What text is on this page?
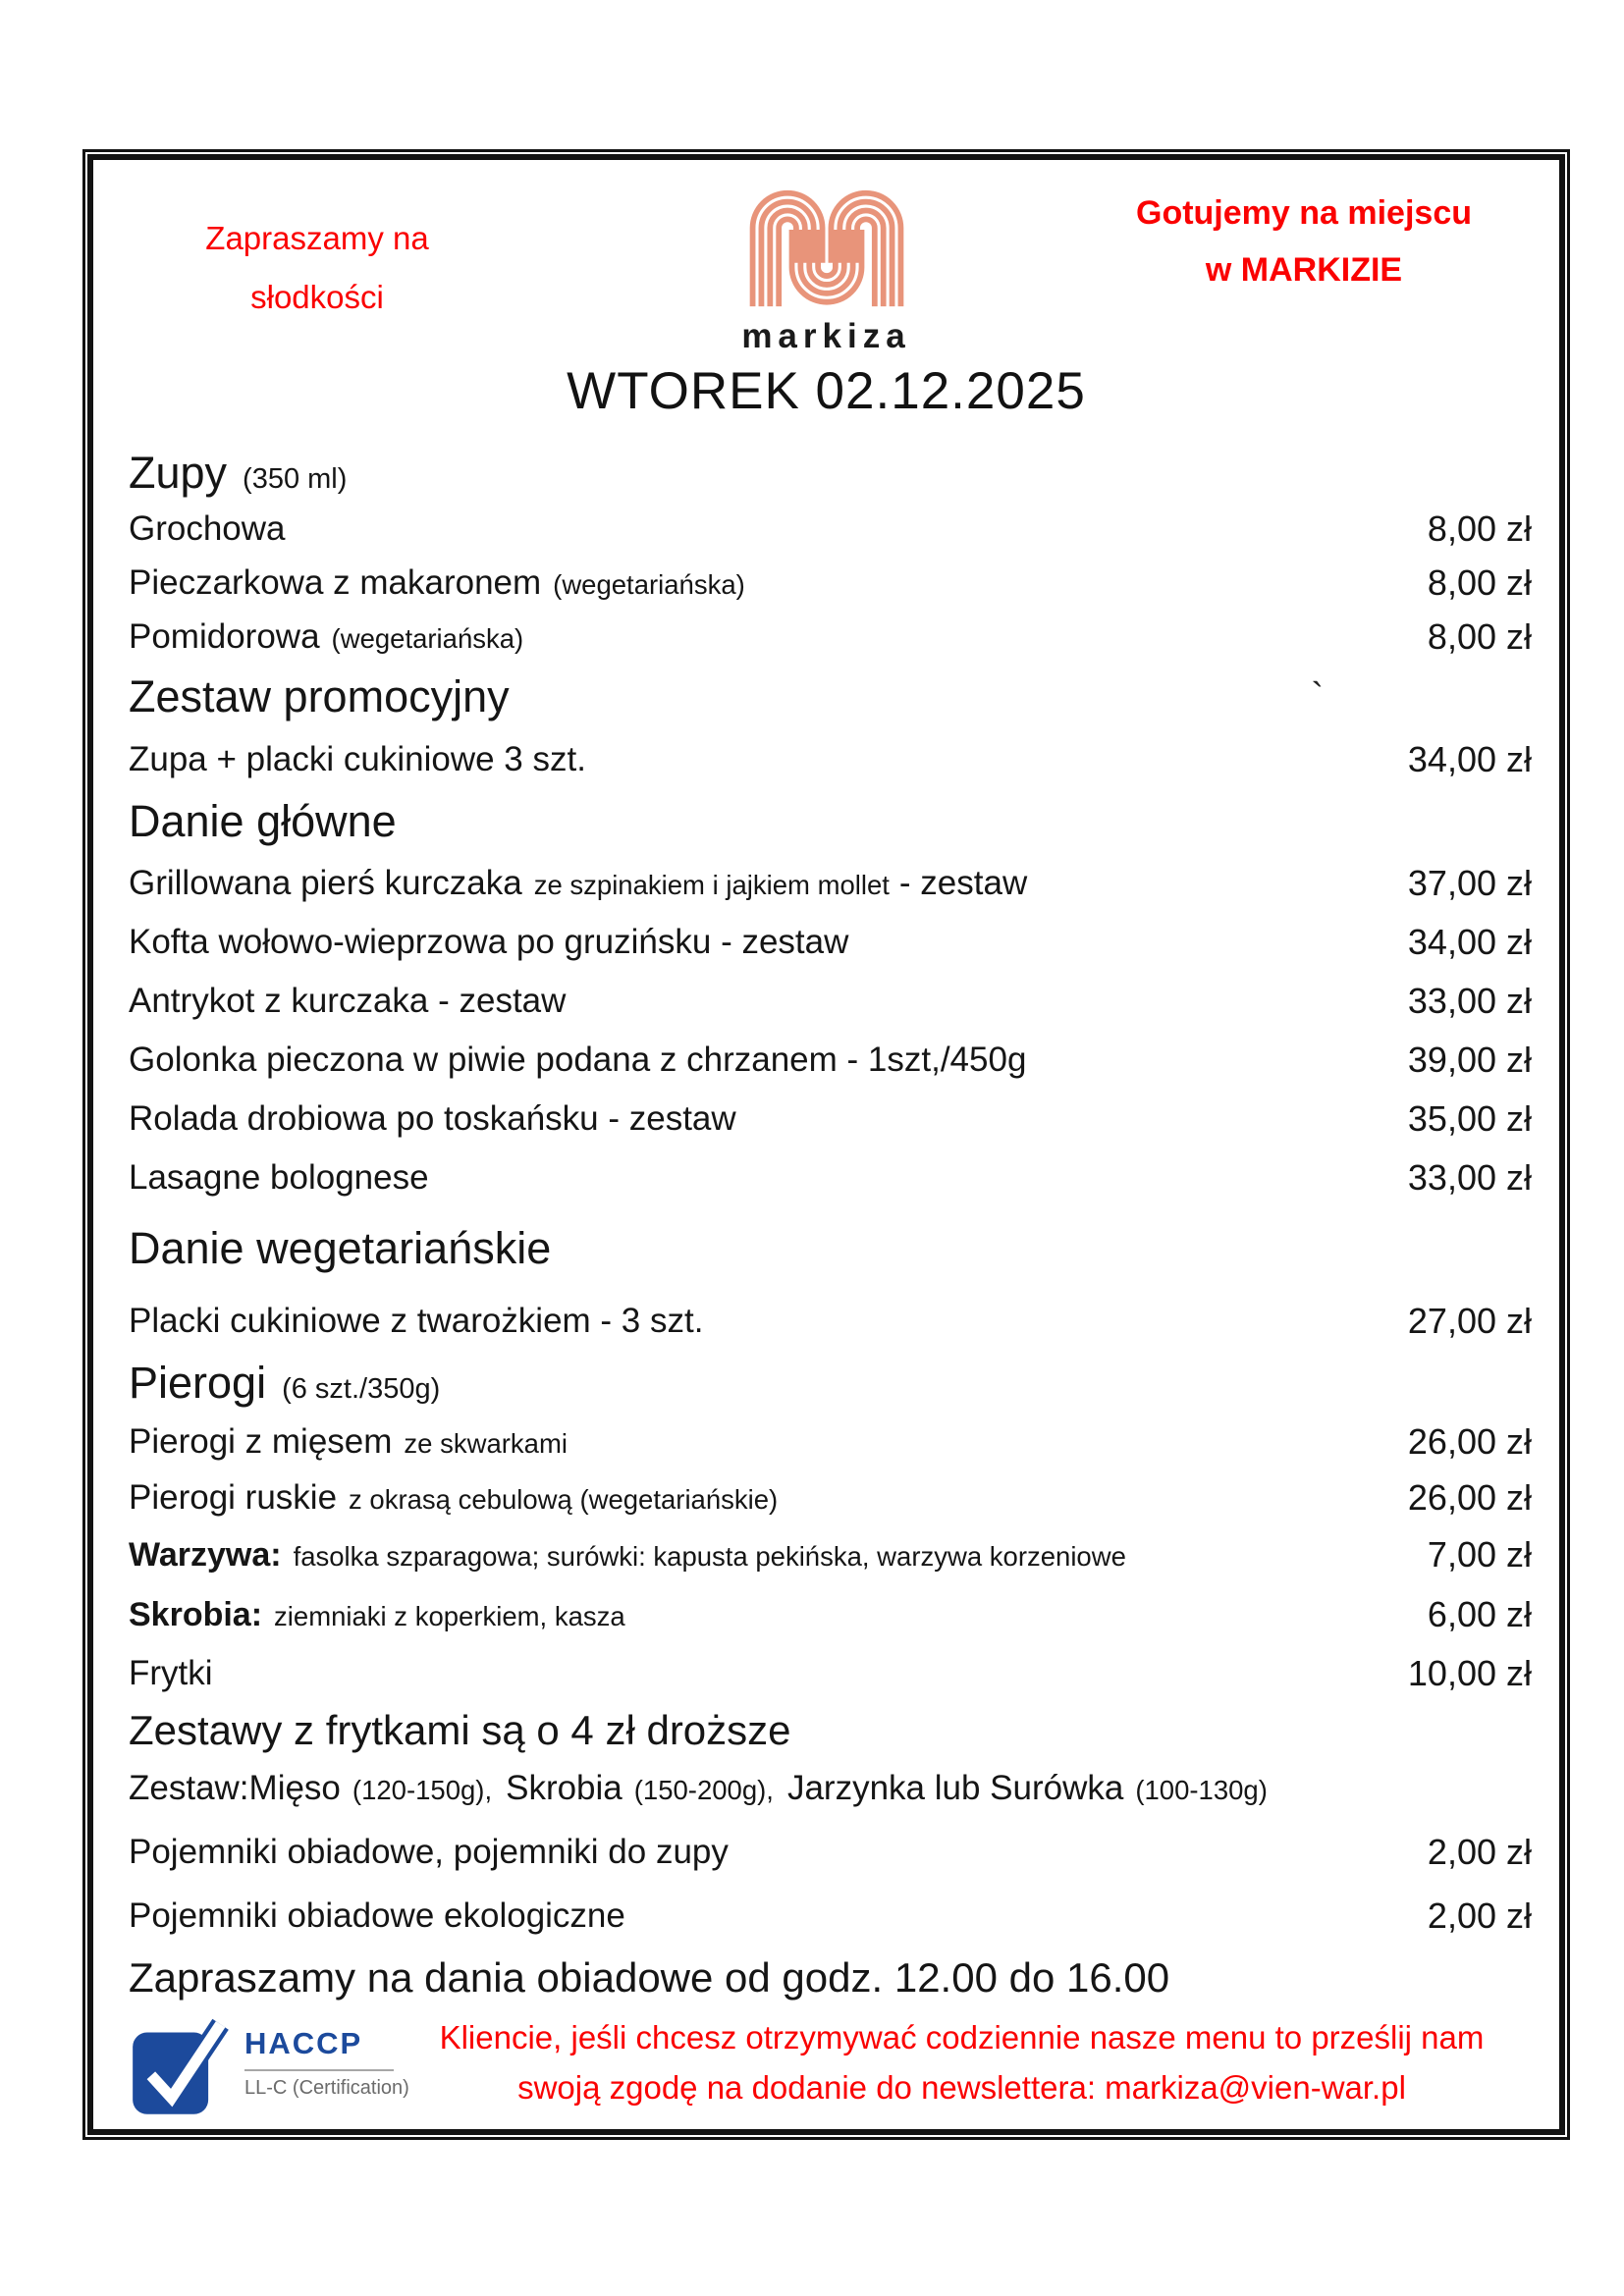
Zapraszamy na
słodkości
markiza
Gotujemy na miejscu
w MARKIZIE
WTOREK 02.12.2025
Zupy (350 ml)
Grochowa	8,00 zł
Pieczarkowa z makaronem (wegetariańska)	8,00 zł
Pomidorowa (wegetariańska)	8,00 zł
Zestaw promocyjny	`
Zupa + placki cukiniowe 3 szt.	34,00 zł
Danie główne
Grillowana pierś kurczaka ze szpinakiem i jajkiem mollet - zestaw	37,00 zł
Kofta wołowo-wieprzowa po gruzińsku - zestaw	34,00 zł
Antrykot z kurczaka - zestaw	33,00 zł
Golonka pieczona w piwie podana z chrzanem - 1szt,/450g	39,00 zł
Rolada drobiowa po toskańsku - zestaw	35,00 zł
Lasagne bolognese	33,00 zł
Danie wegetariańskie
Placki cukiniowe z twarożkiem - 3 szt.	27,00 zł
Pierogi (6 szt./350g)
Pierogi z mięsem ze skwarkami	26,00 zł
Pierogi ruskie z okrasą cebulową (wegetariańskie)	26,00 zł
Warzywa: fasolka szparagowa; surówki: kapusta pekińska, warzywa korzeniowe	7,00 zł
Skrobia: ziemniaki z koperkiem, kasza	6,00 zł
Frytki	10,00 zł
Zestawy z frytkami są o 4 zł droższe
Zestaw:Mięso (120-150g), Skrobia (150-200g), Jarzynka lub Surówka (100-130g)
Pojemniki obiadowe, pojemniki do zupy	2,00 zł
Pojemniki obiadowe ekologiczne	2,00 zł
Zapraszamy na dania obiadowe od godz. 12.00 do 16.00
HACCP
LL-C (Certification)
Kliencie, jeśli chcesz otrzymywać codziennie nasze menu to prześlij nam
swoją zgodę na dodanie do newslettera: markiza@vien-war.pl
